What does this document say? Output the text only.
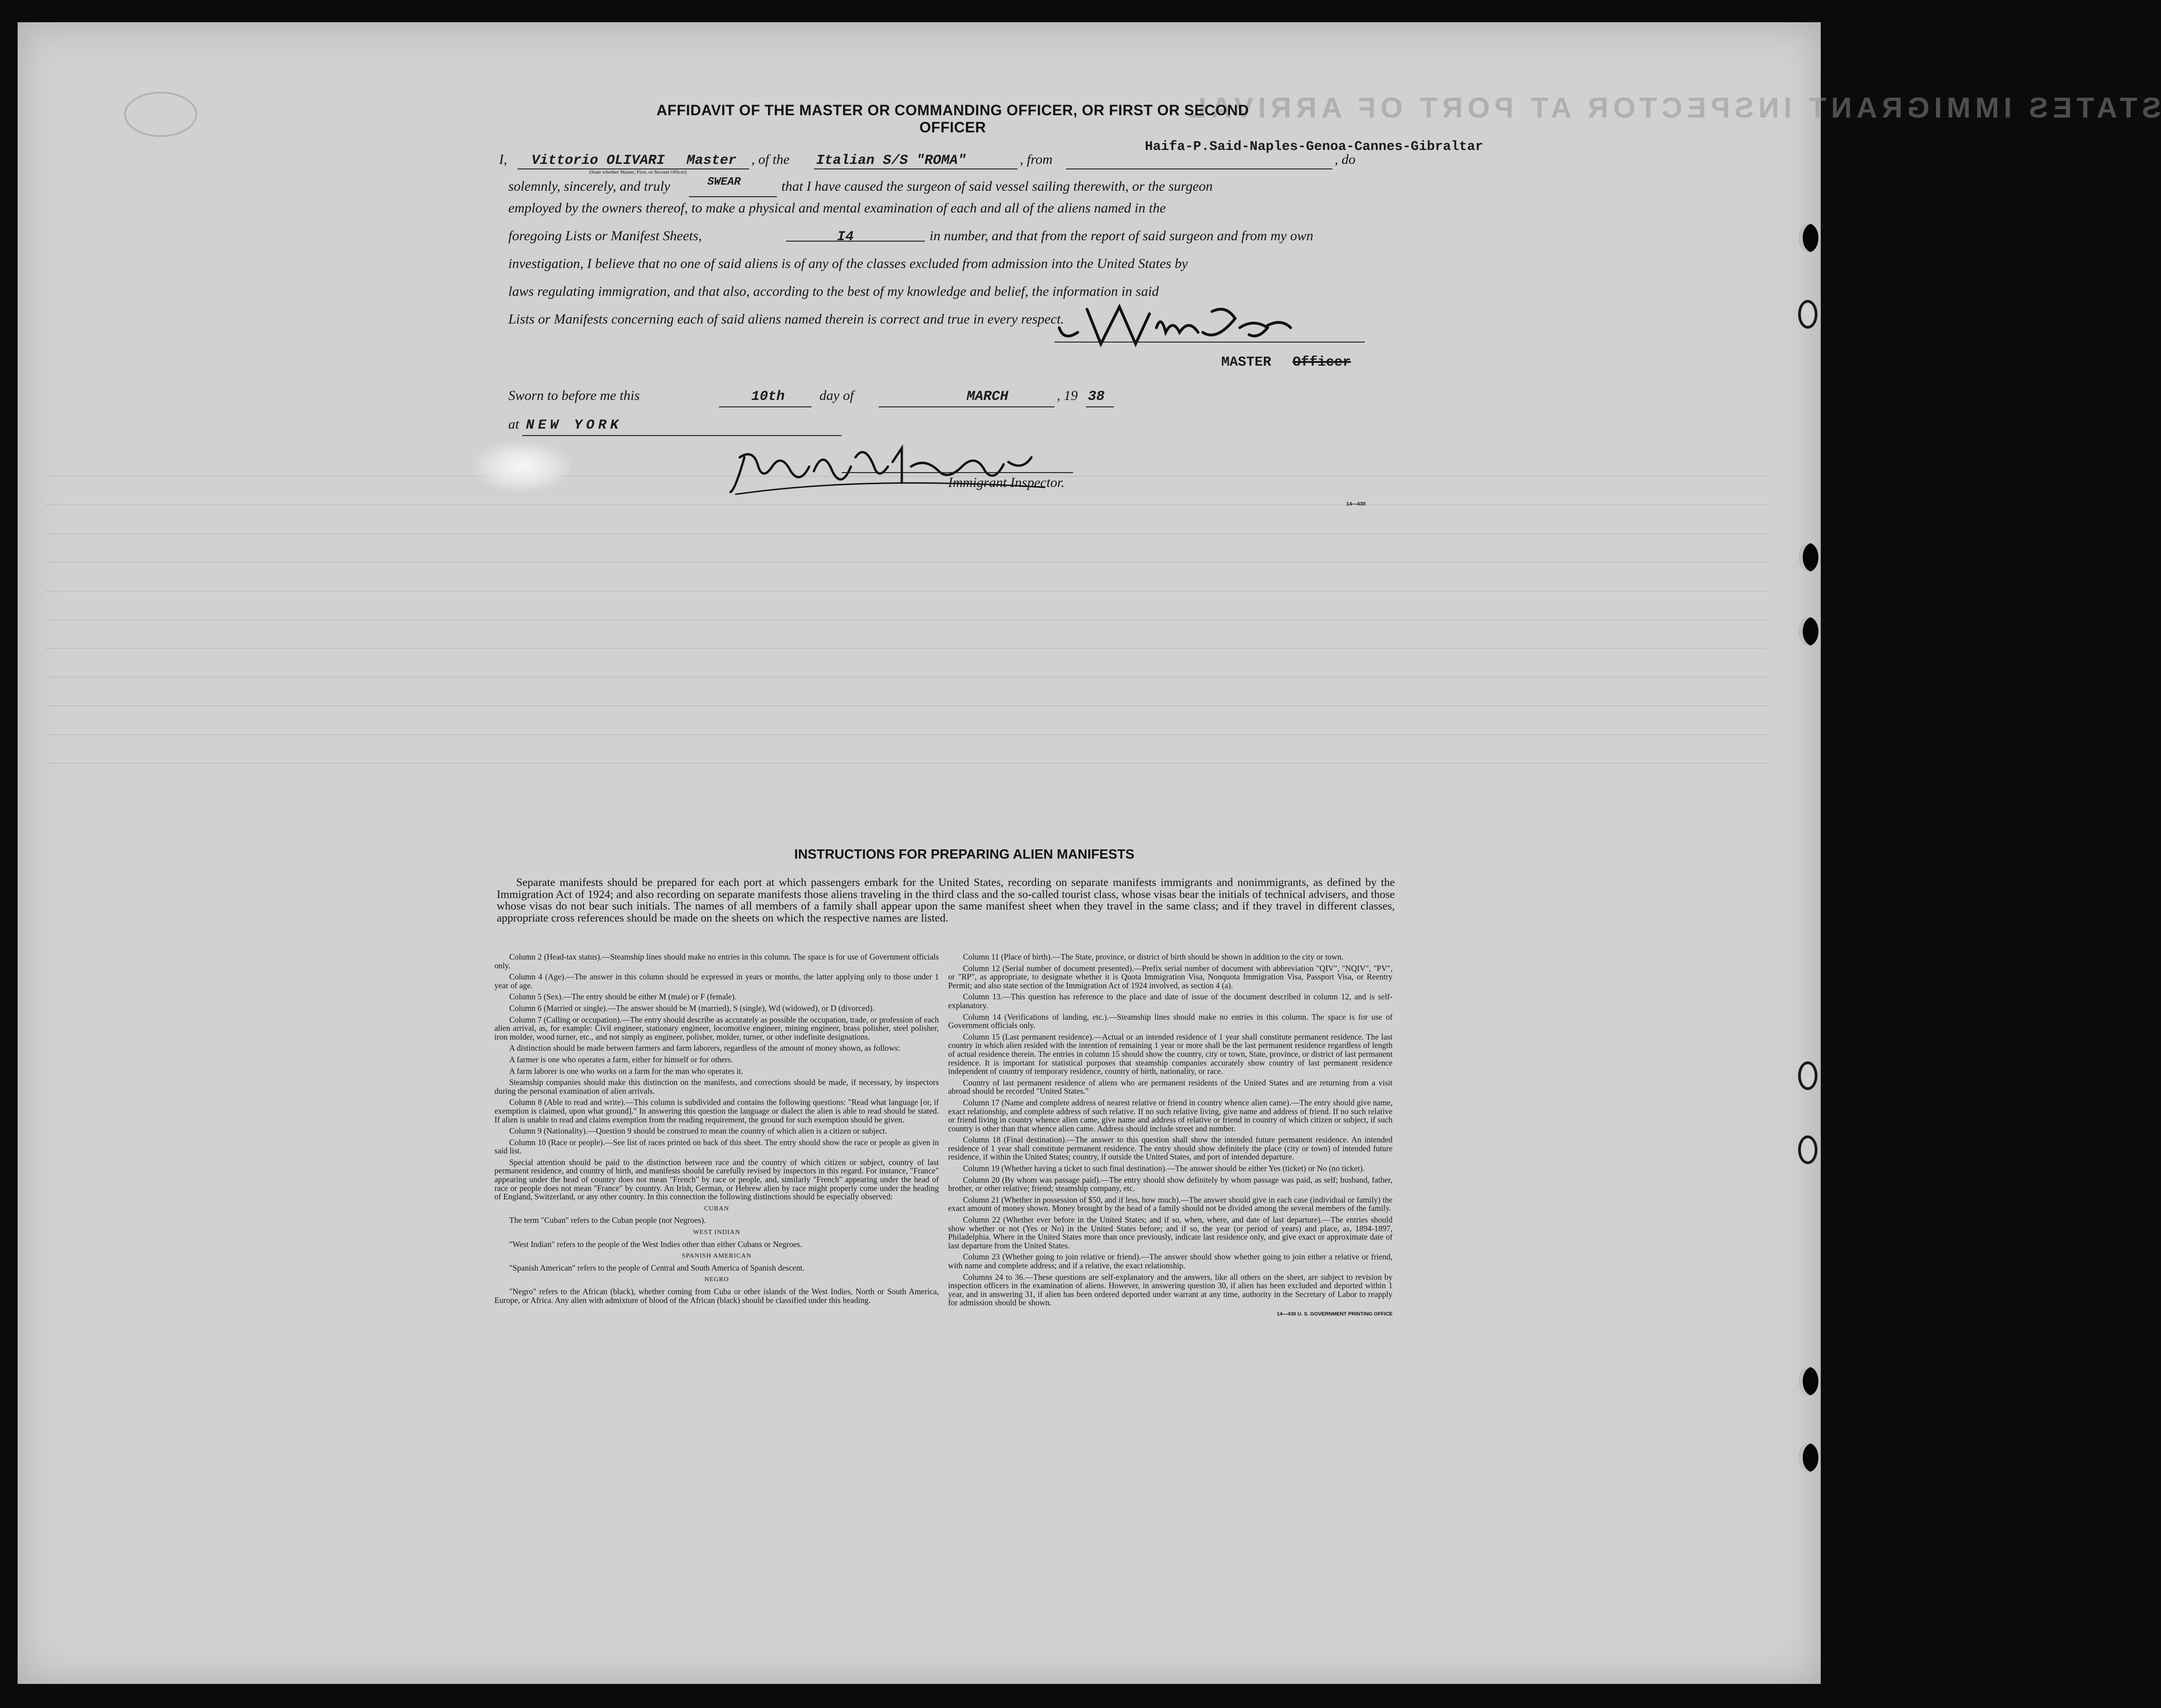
STATES IMMIGRANT INSPECTOR AT PORT OF ARRIVAL
AFFIDAVIT OF THE MASTER OR COMMANDING OFFICER, OR FIRST OR SECOND OFFICER
I, Vittorio OLIVARI Master
(State whether Master, First, or Second Officer)
, of the Italian S/S "ROMA"	, from	, do
Haifa-P.Said-Naples-Genoa-Cannes-Gibraltar
solemnly, sincerely, and truly	SWEAR	that I have caused the surgeon of said vessel sailing therewith, or the surgeon
employed by the owners thereof, to make a physical and mental examination of each and all of the aliens named in the
foregoing Lists or Manifest Sheets,	I4	in number, and that from the report of said surgeon and from my own
investigation, I believe that no one of said aliens is of any of the classes excluded from admission into the United States by
laws regulating immigration, and that also, according to the best of my knowledge and belief, the information in said
Lists or Manifests concerning each of said aliens named therein is correct and true in every respect.
MASTER Officer
Sworn to before me this	10th day of	MARCH	, 19 38
at NEW YORK
Immigrant Inspector.
14—430
INSTRUCTIONS FOR PREPARING ALIEN MANIFESTS
Separate manifests should be prepared for each port at which passengers embark for the United States, recording on separate manifests immigrants and nonimmigrants, as defined by the Immigration Act of 1924; and also recording on separate manifests those aliens traveling in the third class and the so-called tourist class, whose visas bear the initials of technical advisers, and those whose visas do not bear such initials. The names of all members of a family shall appear upon the same manifest sheet when they travel in the same class; and if they travel in different classes, appropriate cross references should be made on the sheets on which the respective names are listed.

Column 2 (Head-tax status).—Steamship lines should make no entries in this column. The space is for use of Government officials only.

Column 4 (Age).—The answer in this column should be expressed in years or months, the latter applying only to those under 1 year of age.

Column 5 (Sex).—The entry should be either M (male) or F (female).

Column 6 (Married or single).—The answer should be M (married), S (single), Wd (widowed), or D (divorced).

Column 7 (Calling or occupation).—The entry should describe as accurately as possible the occupation, trade, or profession of each alien arrival, as, for example: Civil engineer, stationary engineer, locomotive engineer, mining engineer, brass polisher, steel polisher, iron molder, wood turner, etc., and not simply as engineer, polisher, molder, turner, or other indefinite designations.

A distinction should be made between farmers and farm laborers, regardless of the amount of money shown, as follows:

A farmer is one who operates a farm, either for himself or for others.

A farm laborer is one who works on a farm for the man who operates it.

Steamship companies should make this distinction on the manifests, and corrections should be made, if necessary, by inspectors during the personal examination of alien arrivals.

Column 8 (Able to read and write).—This column is subdivided and contains the following questions: "Read what language [or, if exemption is claimed, upon what ground]." In answering this question the language or dialect the alien is able to read should be stated. If alien is unable to read and claims exemption from the reading requirement, the ground for such exemption should be given.

Column 9 (Nationality).—Question 9 should be construed to mean the country of which alien is a citizen or subject.

Column 10 (Race or people).—See list of races printed on back of this sheet. The entry should show the race or people as given in said list.

Special attention should be paid to the distinction between race and the country of which citizen or subject, country of last permanent residence, and country of birth, and manifests should be carefully revised by inspectors in this regard. For instance, "France" appearing under the head of country does not mean "French" by race or people, and, similarly "French" appearing under the head of race or people does not mean "France" by country. An Irish, German, or Hebrew alien by race might properly come under the heading of England, Switzerland, or any other country. In this connection the following distinctions should be especially observed:

CUBAN

The term "Cuban" refers to the Cuban people (not Negroes).

WEST INDIAN

"West Indian" refers to the people of the West Indies other than either Cubans or Negroes.

SPANISH AMERICAN

"Spanish American" refers to the people of Central and South America of Spanish descent.

NEGRO

"Negro" refers to the African (black), whether coming from Cuba or other islands of the West Indies, North or South America, Europe, or Africa. Any alien with admixture of blood of the African (black) should be classified under this heading.

Column 11 (Place of birth).—The State, province, or district of birth should be shown in addition to the city or town.

Column 12 (Serial number of document presented).—Prefix serial number of document with abbreviation "QIV", "NQIV", "PV", or "RP", as appropriate, to designate whether it is Quota Immigration Visa, Nonquota Immigration Visa, Passport Visa, or Reentry Permit; and also state section of the Immigration Act of 1924 involved, as section 4 (a).

Column 13.—This question has reference to the place and date of issue of the document described in column 12, and is self-explanatory.

Column 14 (Verifications of landing, etc.).—Steamship lines should make no entries in this column. The space is for use of Government officials only.

Column 15 (Last permanent residence).—Actual or an intended residence of 1 year shall constitute permanent residence. The last country in which alien resided with the intention of remaining 1 year or more shall be the last permanent residence regardless of length of actual residence therein. The entries in column 15 should show the country, city or town, State, province, or district of last permanent residence. It is important for statistical purposes that steamship companies accurately show country of last permanent residence independent of country of temporary residence, country of birth, nationality, or race.

Country of last permanent residence of aliens who are permanent residents of the United States and are returning from a visit abroad should be recorded "United States."

Column 17 (Name and complete address of nearest relative or friend in country whence alien came).—The entry should give name, exact relationship, and complete address of such relative. If no such relative living, give name and address of friend. If no such relative or friend living in country whence alien came, give name and address of relative or friend in country of which citizen or subject, if such country is other than that whence alien came. Address should include street and number.

Column 18 (Final destination).—The answer to this question shall show the intended future permanent residence. An intended residence of 1 year shall constitute permanent residence. The entry should show definitely the place (city or town) of intended future residence, if within the United States; country, if outside the United States, and port of intended departure.

Column 19 (Whether having a ticket to such final destination).—The answer should be either Yes (ticket) or No (no ticket).

Column 20 (By whom was passage paid).—The entry should show definitely by whom passage was paid, as self; husband, father, brother, or other relative; friend; steamship company, etc.

Column 21 (Whether in possession of $50, and if less, how much).—The answer should give in each case (individual or family) the exact amount of money shown. Money brought by the head of a family should not be divided among the several members of the family.

Column 22 (Whether ever before in the United States; and if so, when, where, and date of last departure).—The entries should show whether or not (Yes or No) in the United States before; and if so, the year (or period of years) and place, as, 1894-1897, Philadelphia. Where in the United States more than once previously, indicate last residence only, and give exact or approximate date of last departure from the United States.

Column 23 (Whether going to join relative or friend).—The answer should show whether going to join either a relative or friend, with name and complete address; and if a relative, the exact relationship.

Columns 24 to 36.—These questions are self-explanatory and the answers, like all others on the sheet, are subject to revision by inspection officers in the examination of aliens. However, in answering question 30, if alien has been excluded and deported within 1 year, and in answering 31, if alien has been ordered deported under warrant at any time, authority in the Secretary of Labor to reapply for admission should be shown.

14—430 U. S. GOVERNMENT PRINTING OFFICE
